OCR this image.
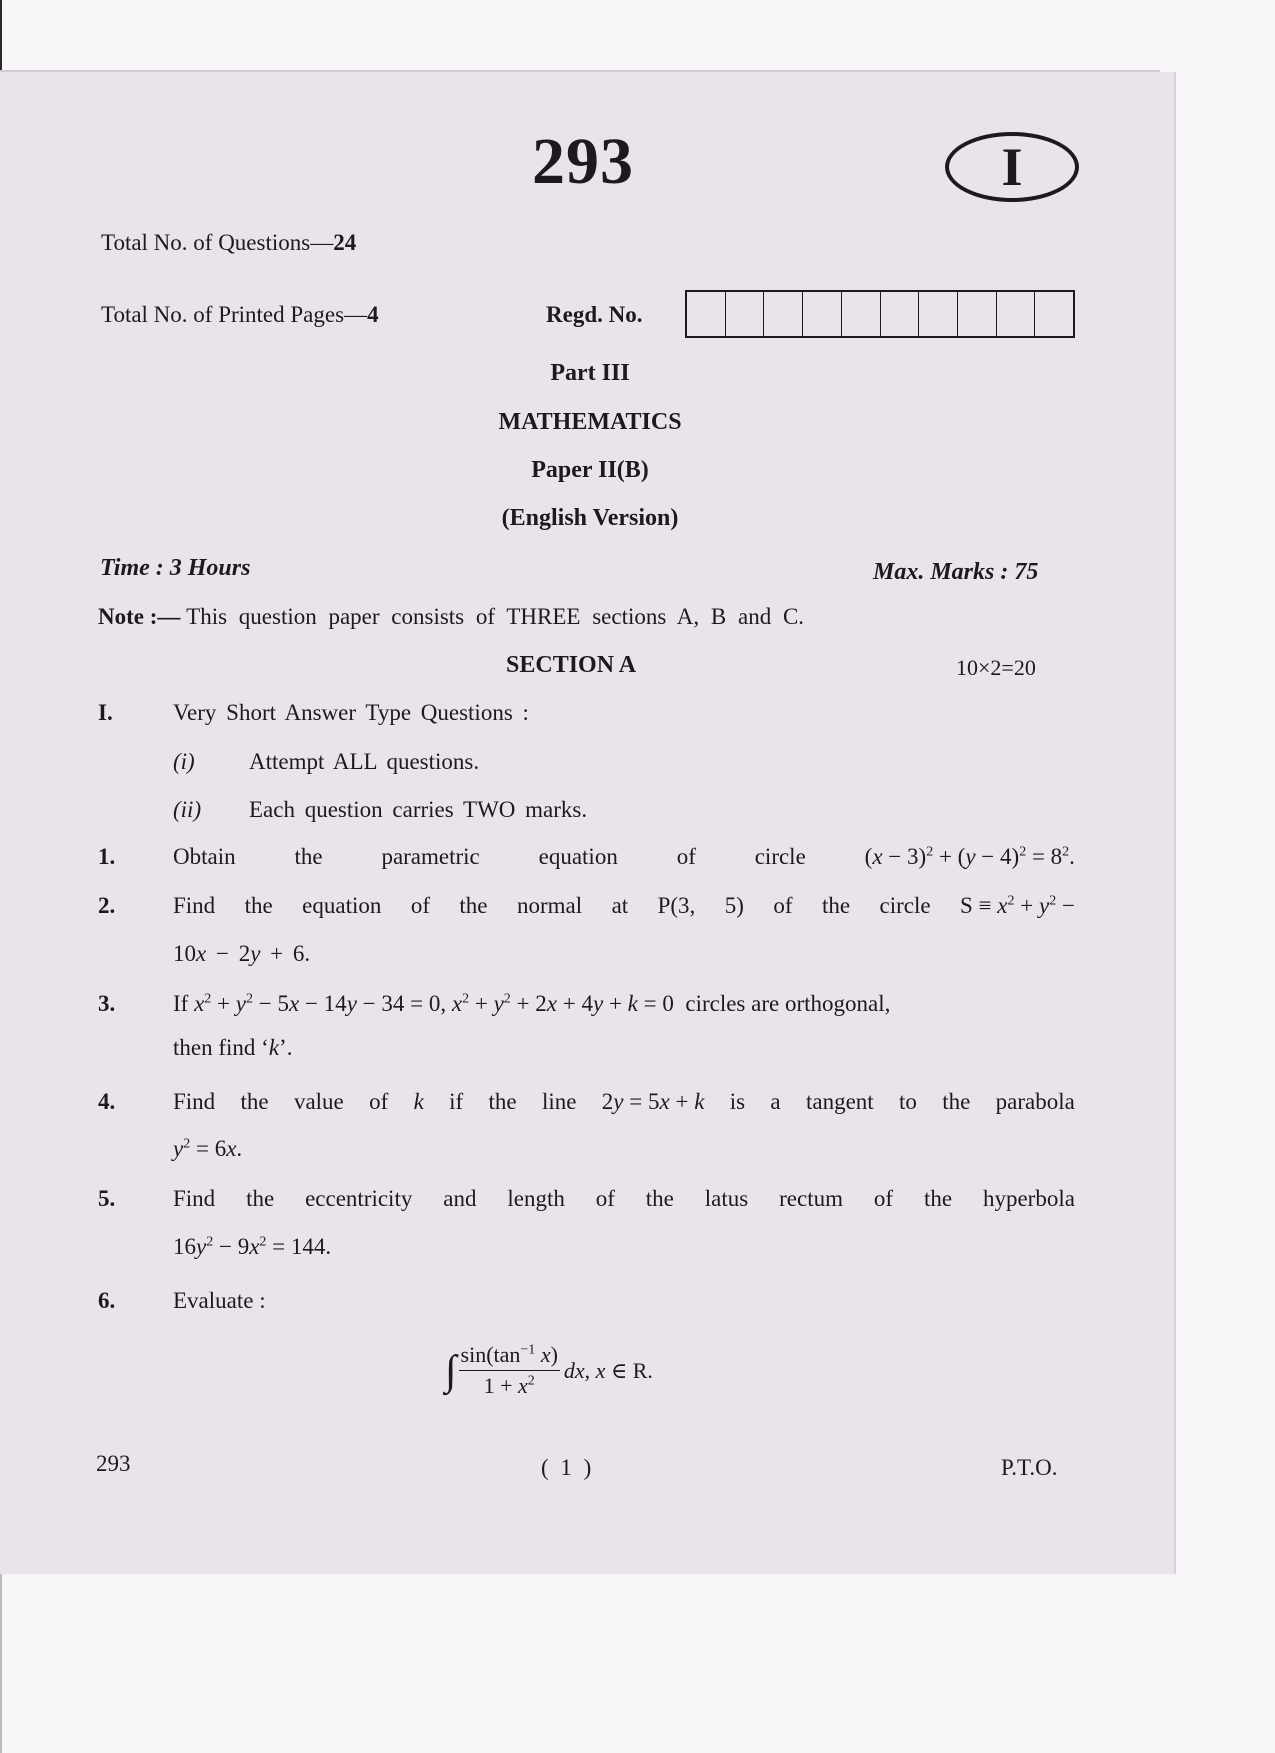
293	I
Total No. of Questions—24
Total No. of Printed Pages—4	Regd. No.
Part III
MATHEMATICS
Paper II(B)
(English Version)
Time : 3 Hours	Max. Marks : 75
Note :— This question paper consists of THREE sections A, B and C.
SECTION A	10×2=20
I.	Very Short Answer Type Questions :
(i) Attempt ALL questions.
(ii) Each question carries TWO marks.
1.	Obtain	the	parametric	equation	of	circle	$(x - 3)^2 + (y - 4)^2 = 8^2$.
2.	Find the equation of the normal at P(3, 5) of the circle $S \equiv x^2 + y^2$ −
10x − 2y + 6.
3.	If $x^2 + y^2 - 5x - 14y - 34 = 0$, $x^2 + y^2 + 2x + 4y + k = 0$  circles are orthogonal,
then find ‘k’.
4.	Find the value of k if the line 2y = 5x + k is a tangent to the parabola
$y^2 = 6x$.
5.	Find the eccentricity and length of the latus rectum of the hyperbola
$16y^2 - 9x^2 = 144$.
6.	Evaluate :
∫ $\frac{\sin(\tan^{-1} x)}{1 + x^2}$ dx, x ∈ R.
293	( 1 )	P.T.O.
